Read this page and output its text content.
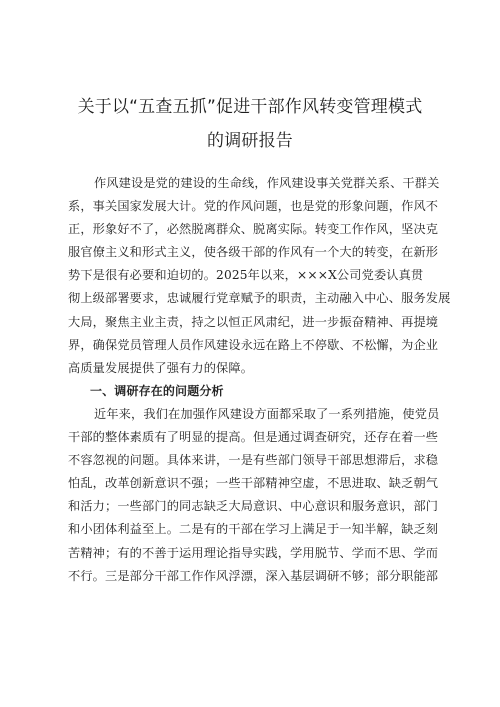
关于以“五查五抓”促进干部作风转变管理模式
的调研报告
作风建设是党的建设的生命线，作风建设事关党群关系、干群关
系，事关国家发展大计。党的作风问题，也是党的形象问题，作风不
正，形象好不了，必然脱离群众、脱离实际。转变工作作风，坚决克
服官僚主义和形式主义，使各级干部的作风有一个大的转变，在新形
势下是很有必要和迫切的。2025年以来，×××X公司党委认真贯
彻上级部署要求，忠诚履行党章赋予的职责，主动融入中心、服务发展
大局，聚焦主业主责，持之以恒正风肃纪，进一步振奋精神、再提境
界，确保党员管理人员作风建设永远在路上不停歇、不松懈，为企业
高质量发展提供了强有力的保障。
一、调研存在的问题分析
近年来，我们在加强作风建设方面都采取了一系列措施，使党员
干部的整体素质有了明显的提高。但是通过调查研究，还存在着一些
不容忽视的问题。具体来讲，一是有些部门领导干部思想滞后，求稳
怕乱，改革创新意识不强；一些干部精神空虚，不思进取、缺乏朝气
和活力；一些部门的同志缺乏大局意识、中心意识和服务意识，部门
和小团体利益至上。二是有的干部在学习上满足于一知半解，缺乏刻
苦精神；有的不善于运用理论指导实践，学用脱节、学而不思、学而
不行。三是部分干部工作作风浮漂，深入基层调研不够；部分职能部
